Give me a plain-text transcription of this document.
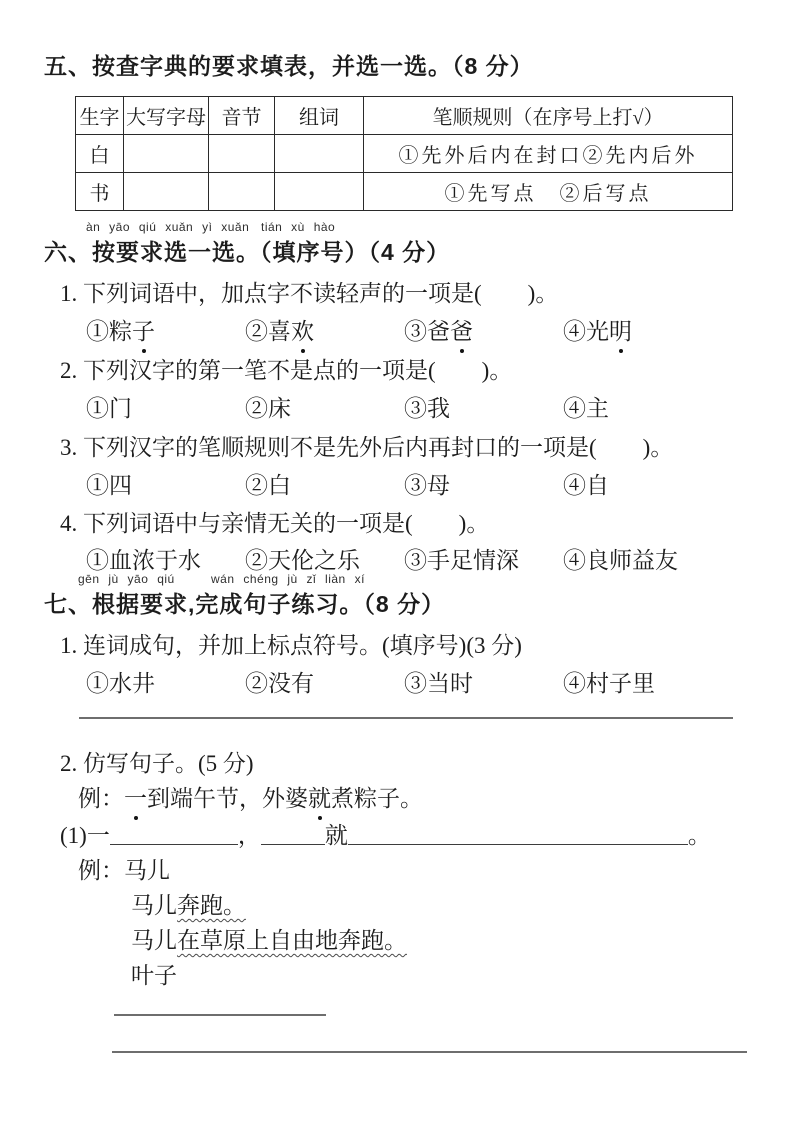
五、按查字典的要求填表，并选一选。（8 分）
生字	大写字母	音节	组词	笔顺规则（在序号上打√）
白				①先外后内在封口②先内后外
书				①先写点　②后写点
àn yāo qiú xuǎn yì xuǎn tián xù hào
六、按要求选一选。（填序号）（4 分）
1. 下列词语中，加点字不读轻声的一项是(　　)。
①粽子	②喜欢	③爸爸	④光明
2. 下列汉字的第一笔不是点的一项是(　　)。
①门	②床	③我	④主
3. 下列汉字的笔顺规则不是先外后内再封口的一项是(　　)。
①四	②白	③母	④自
4. 下列词语中与亲情无关的一项是(　　)。
①血浓于水	②天伦之乐	③手足情深	④良师益友
gēn jù yāo qiú	wán chéng jù zǐ liàn xí
七、根据要求,完成句子练习。（8 分）
1. 连词成句，并加上标点符号。(填序号)(3 分)
①水井	②没有	③当时	④村子里
2. 仿写句子。(5 分)
例：一到端午节，外婆就煮粽子。
(1)一	，	就	。
例：马儿
马儿奔跑。
马儿在草原上自由地奔跑。
叶子
